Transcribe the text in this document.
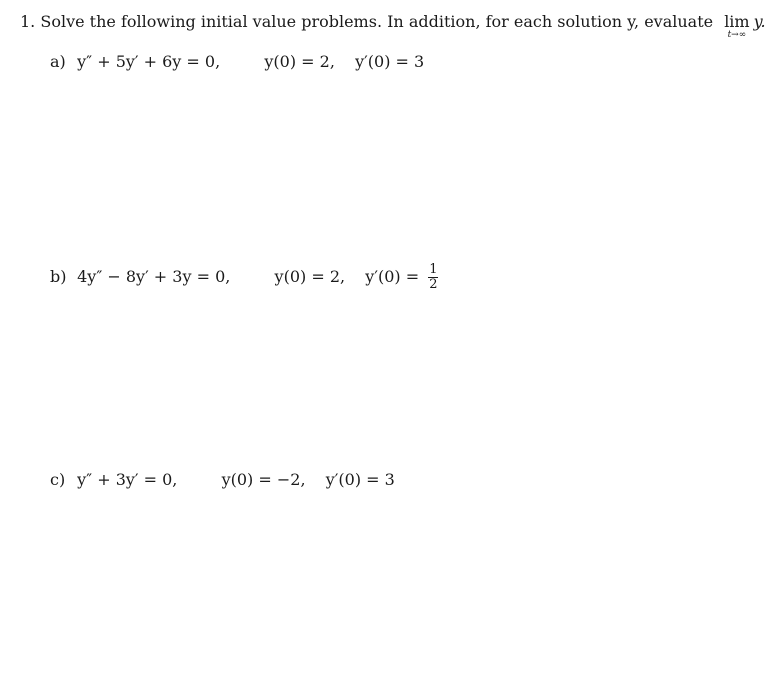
1. Solve the following initial value problems. In addition, for each solution y, evaluate lim
t→∞
y.
a) y″ + 5y′ + 6y = 0,	y(0) = 2, y′(0) = 3
b) 4y″ − 8y′ + 3y = 0,	y(0) = 2, $y'(0) = \frac{1}{2}$
c) y″ + 3y′ = 0,	y(0) = −2, y′(0) = 3
